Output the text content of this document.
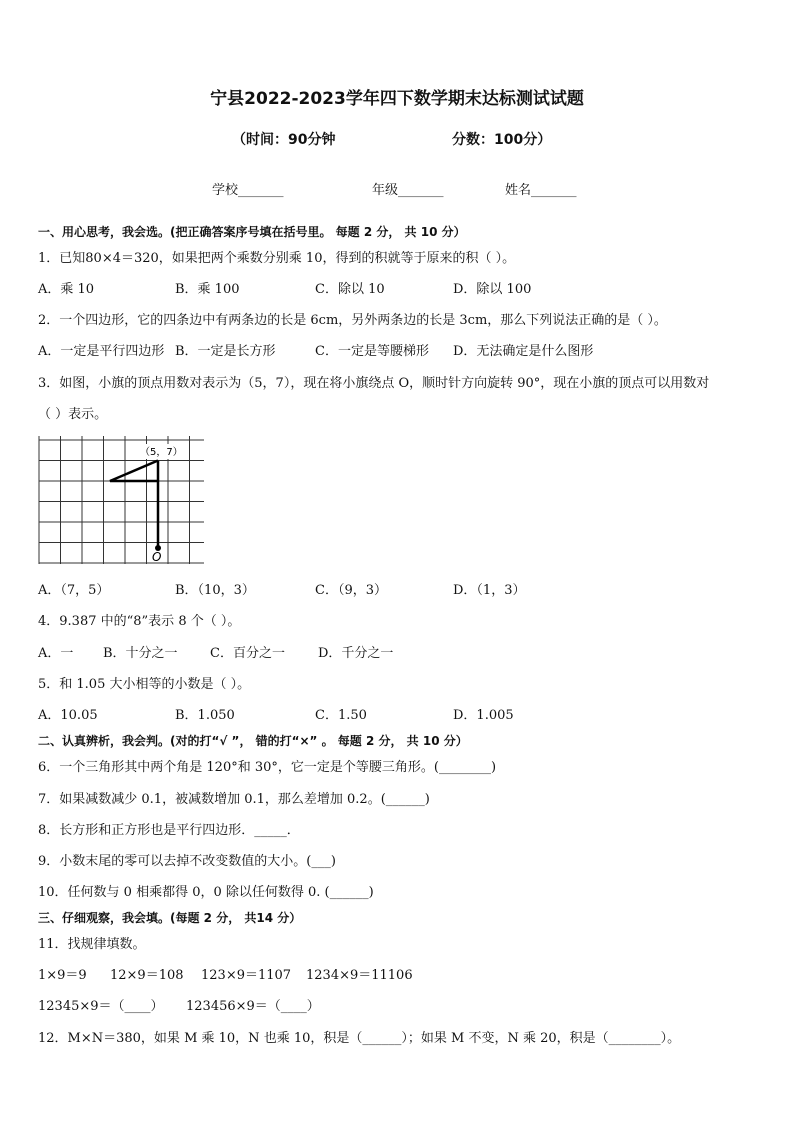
宁县2022-2023学年四下数学期末达标测试试题
（时间：90分钟	分数：100分）
学校_______	年级_______	姓名_______
一、用心思考，我会选。(把正确答案序号填在括号里。 每题 2 分， 共 10 分）
1．已知80×4＝320，如果把两个乘数分别乘 10，得到的积就等于原来的积（ ）。
A．乘 10	B．乘 100	C．除以 10	D．除以 100
2．一个四边形，它的四条边中有两条边的长是 6cm，另外两条边的长是 3cm，那么下列说法正确的是（ ）。
A．一定是平行四边形 B．一定是长方形	C．一定是等腰梯形 D．无法确定是什么图形
3．如图，小旗的顶点用数对表示为（5，7），现在将小旗绕点 O，顺时针方向旋转 90°，现在小旗的顶点可以用数对
（ ）表示。
（5，7）
O
A．（7，5）	B．（10，3）	C．（9，3）	D．（1，3）
4．9.387 中的“8”表示 8 个（ ）。
A．一 B．十分之一 C．百分之一	D．千分之一
5．和 1.05 大小相等的小数是（ ）。
A．10.05	B．1.050	C．1.50	D．1.005
二、认真辨析，我会判。(对的打“√ ”， 错的打“×” 。 每题 2 分， 共 10 分）
6．一个三角形其中两个角是 120°和 30°，它一定是个等腰三角形。(________)
7．如果减数减少 0.1，被减数增加 0.1，那么差增加 0.2。(______)
8．长方形和正方形也是平行四边形．_____．
9．小数末尾的零可以去掉不改变数值的大小。(___)
10．任何数与 0 相乘都得 0，0 除以任何数得 0. (______)
三、仔细观察，我会填。(每题 2 分， 共14 分）
11．找规律填数。
1×9＝9 12×9＝108 123×9＝1107 1234×9＝11106
12345×9＝（____） 123456×9＝（____）
12．M×N＝380，如果 M 乘 10，N 也乘 10，积是（______）；如果 M 不变，N 乘 20，积是（________）。
